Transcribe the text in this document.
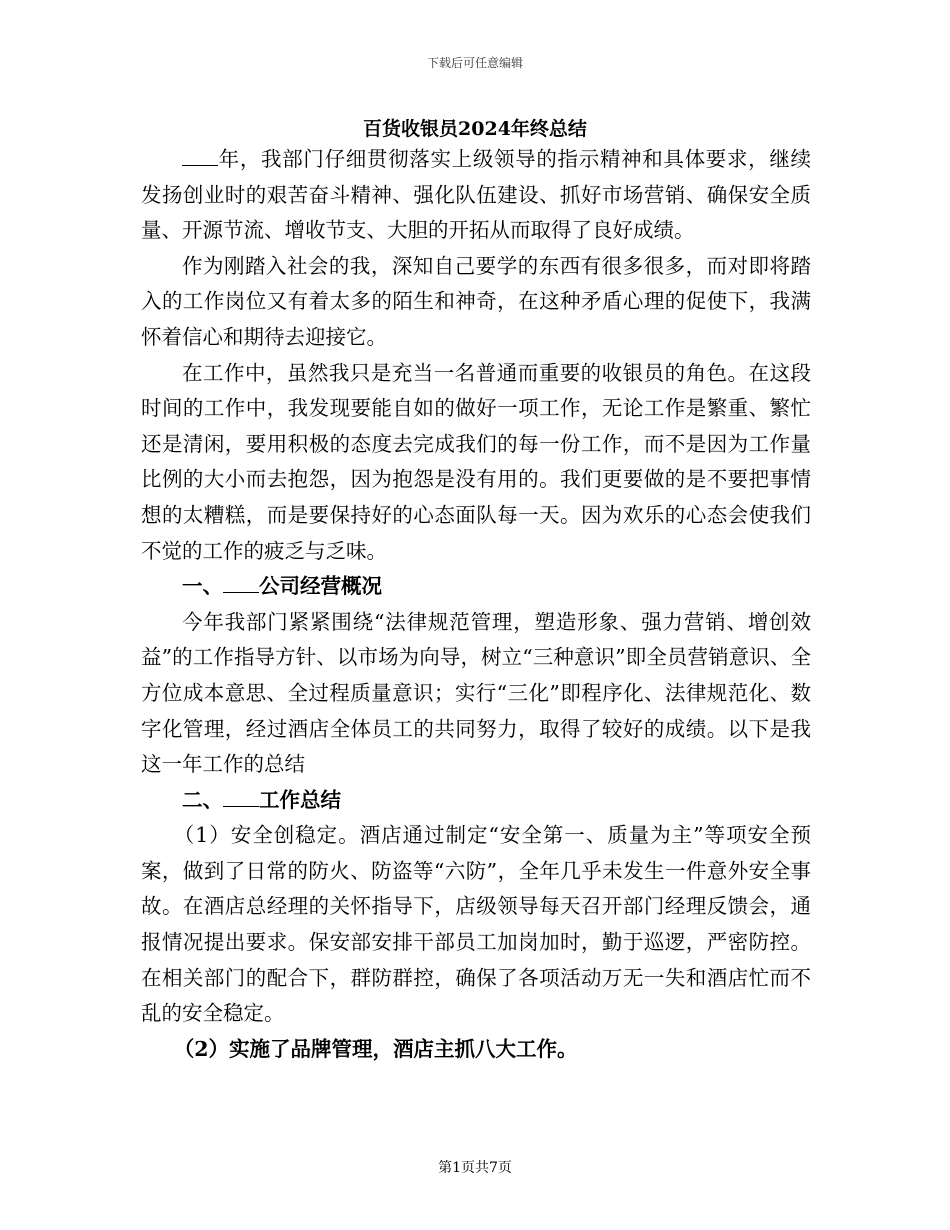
下载后可任意编辑
百货收银员2024年终总结

年，我部门仔细贯彻落实上级领导的指示精神和具体要求，继续发扬创业时的艰苦奋斗精神、强化队伍建设、抓好市场营销、确保安全质量、开源节流、增收节支、大胆的开拓从而取得了良好成绩。

作为刚踏入社会的我，深知自己要学的东西有很多很多，而对即将踏入的工作岗位又有着太多的陌生和神奇，在这种矛盾心理的促使下，我满怀着信心和期待去迎接它。

在工作中，虽然我只是充当一名普通而重要的收银员的角色。在这段时间的工作中，我发现要能自如的做好一项工作，无论工作是繁重、繁忙还是清闲，要用积极的态度去完成我们的每一份工作，而不是因为工作量比例的大小而去抱怨，因为抱怨是没有用的。我们更要做的是不要把事情想的太糟糕，而是要保持好的心态面队每一天。因为欢乐的心态会使我们不觉的工作的疲乏与乏味。

一、 公司经营概况

今年我部门紧紧围绕“法律规范管理，塑造形象、强力营销、增创效益”的工作指导方针、以市场为向导，树立“三种意识”即全员营销意识、全方位成本意思、全过程质量意识；实行“三化”即程序化、法律规范化、数字化管理，经过酒店全体员工的共同努力，取得了较好的成绩。以下是我这一年工作的总结

二、 工作总结

（1）安全创稳定。酒店通过制定“安全第一、质量为主”等项安全预案，做到了日常的防火、防盗等“六防”，全年几乎未发生一件意外安全事故。在酒店总经理的关怀指导下，店级领导每天召开部门经理反馈会，通报情况提出要求。保安部安排干部员工加岗加时，勤于巡逻，严密防控。在相关部门的配合下，群防群控，确保了各项活动万无一失和酒店忙而不乱的安全稳定。

（2）实施了品牌管理，酒店主抓八大工作。

第1页共7页
